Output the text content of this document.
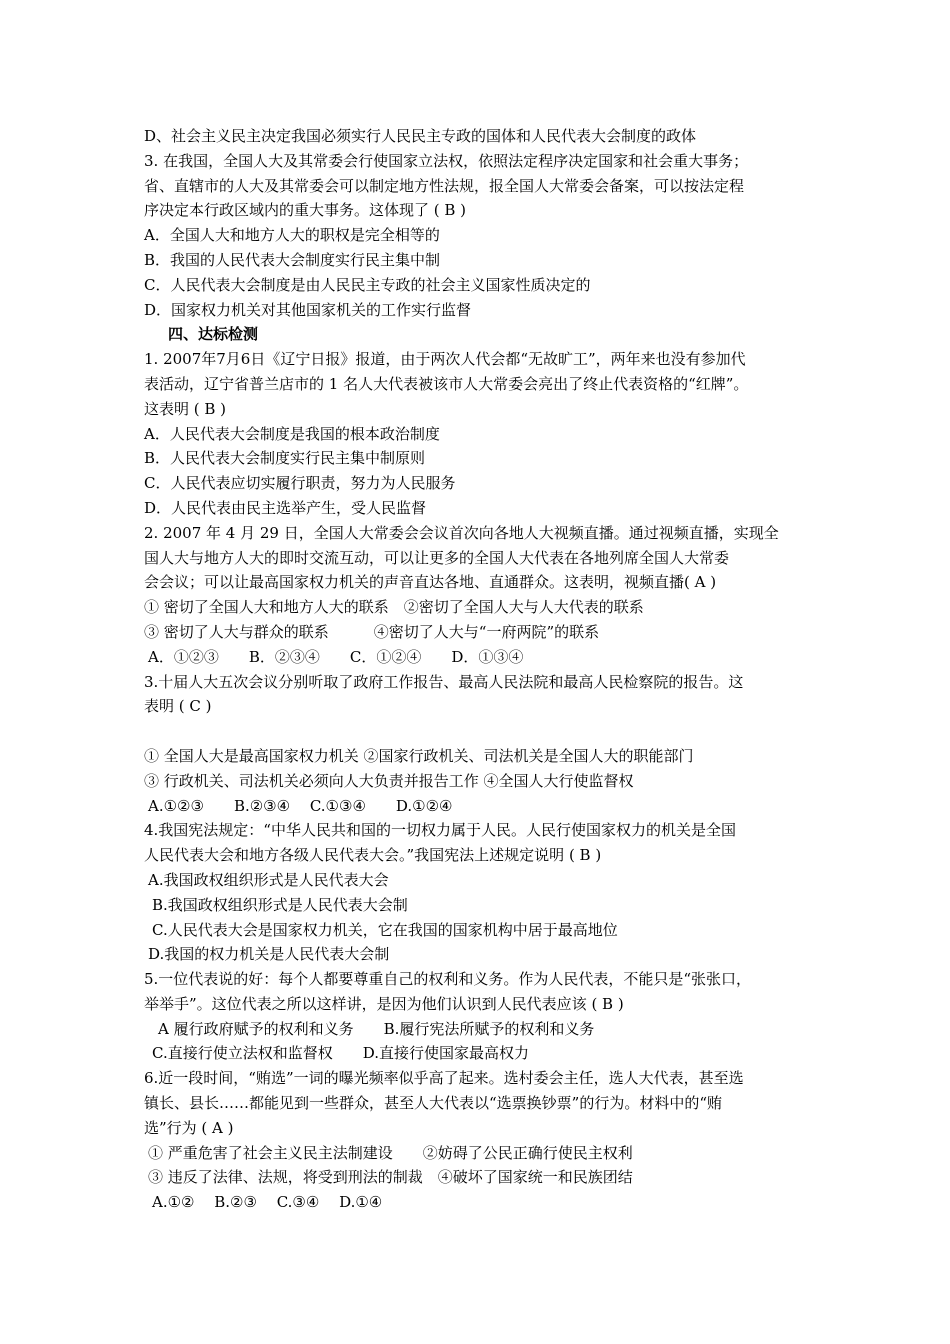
D、社会主义民主决定我国必须实行人民民主专政的国体和人民代表大会制度的政体
3. 在我国，全国人大及其常委会行使国家立法权，依照法定程序决定国家和社会重大事务；
省、直辖市的人大及其常委会可以制定地方性法规，报全国人大常委会备案，可以按法定程
序决定本行政区域内的重大事务。这体现了 ( B )
A．全国人大和地方人大的职权是完全相等的
B．我国的人民代表大会制度实行民主集中制
C．人民代表大会制度是由人民民主专政的社会主义国家性质决定的
D．国家权力机关对其他国家机关的工作实行监督
四、达标检测
1. 2007年7月6日《辽宁日报》报道，由于两次人代会都“无故旷工”，两年来也没有参加代
表活动，辽宁省普兰店市的 1 名人大代表被该市人大常委会亮出了终止代表资格的“红牌”。
这表明 ( B )
A．人民代表大会制度是我国的根本政治制度
B．人民代表大会制度实行民主集中制原则
C．人民代表应切实履行职责，努力为人民服务
D．人民代表由民主选举产生，受人民监督
2. 2007 年 4 月 29 日，全国人大常委会会议首次向各地人大视频直播。通过视频直播，实现全
国人大与地方人大的即时交流互动，可以让更多的全国人大代表在各地列席全国人大常委
会会议；可以让最高国家权力机关的声音直达各地、直通群众。这表明，视频直播( A )
① 密切了全国人大和地方人大的联系　②密切了全国人大与人大代表的联系
③ 密切了人大与群众的联系　　　④密切了人大与“一府两院”的联系
A．①②③　　B．②③④　　C．①②④　　D．①③④
3.十届人大五次会议分别听取了政府工作报告、最高人民法院和最高人民检察院的报告。这
表明 ( C )
① 全国人大是最高国家权力机关 ②国家行政机关、司法机关是全国人大的职能部门
③ 行政机关、司法机关必须向人大负责并报告工作 ④全国人大行使监督权
A.①②③　　B.②③④　 C.①③④　　D.①②④
4.我国宪法规定：“中华人民共和国的一切权力属于人民。人民行使国家权力的机关是全国
人民代表大会和地方各级人民代表大会。”我国宪法上述规定说明 ( B )
A.我国政权组织形式是人民代表大会
B.我国政权组织形式是人民代表大会制
C.人民代表大会是国家权力机关，它在我国的国家机构中居于最高地位
D.我国的权力机关是人民代表大会制
5.一位代表说的好：每个人都要尊重自己的权利和义务。作为人民代表，不能只是“张张口，
举举手”。这位代表之所以这样讲，是因为他们认识到人民代表应该 ( B )
A 履行政府赋予的权利和义务　　B.履行宪法所赋予的权利和义务
C.直接行使立法权和监督权　　D.直接行使国家最高权力
6.近一段时间，“贿选”一词的曝光频率似乎高了起来。选村委会主任，选人大代表，甚至选
镇长、县长……都能见到一些群众，甚至人大代表以“选票换钞票”的行为。材料中的“贿
选”行为 ( A )
① 严重危害了社会主义民主法制建设　　②妨碍了公民正确行使民主权利
③ 违反了法律、法规，将受到刑法的制裁　④破坏了国家统一和民族团结
A.①②　 B.②③　 C.③④　 D.①④
